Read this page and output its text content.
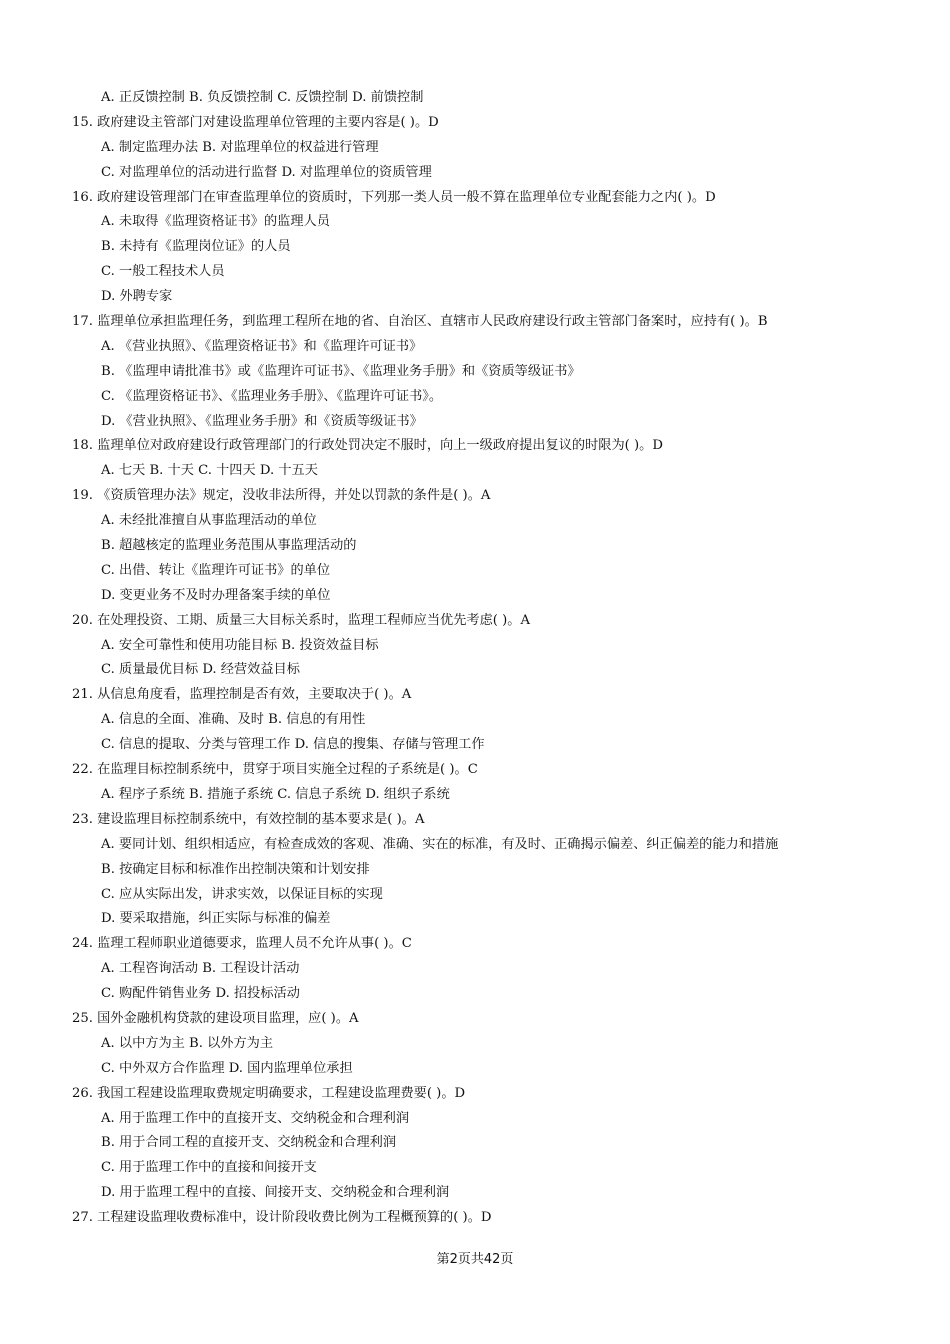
A. 正反馈控制 B. 负反馈控制 C. 反馈控制 D. 前馈控制
15. 政府建设主管部门对建设监理单位管理的主要内容是( )。D
A. 制定监理办法 B. 对监理单位的权益进行管理
C. 对监理单位的活动进行监督 D. 对监理单位的资质管理
16. 政府建设管理部门在审查监理单位的资质时，下列那一类人员一般不算在监理单位专业配套能力之内( )。D
A. 未取得《监理资格证书》的监理人员
B. 未持有《监理岗位证》的人员
C. 一般工程技术人员
D. 外聘专家
17. 监理单位承担监理任务，到监理工程所在地的省、自治区、直辖市人民政府建设行政主管部门备案时，应持有( )。B
A. 《营业执照》、《监理资格证书》和《监理许可证书》
B. 《监理申请批准书》或《监理许可证书》、《监理业务手册》和《资质等级证书》
C. 《监理资格证书》、《监理业务手册》、《监理许可证书》。
D. 《营业执照》、《监理业务手册》和《资质等级证书》
18. 监理单位对政府建设行政管理部门的行政处罚决定不服时，向上一级政府提出复议的时限为( )。D
A. 七天 B. 十天 C. 十四天 D. 十五天
19. 《资质管理办法》规定，没收非法所得，并处以罚款的条件是( )。A
A. 未经批准擅自从事监理活动的单位
B. 超越核定的监理业务范围从事监理活动的
C. 出借、转让《监理许可证书》的单位
D. 变更业务不及时办理备案手续的单位
20. 在处理投资、工期、质量三大目标关系时，监理工程师应当优先考虑( )。A
A. 安全可靠性和使用功能目标 B. 投资效益目标
C. 质量最优目标 D. 经营效益目标
21. 从信息角度看，监理控制是否有效，主要取决于( )。A
A. 信息的全面、准确、及时 B. 信息的有用性
C. 信息的提取、分类与管理工作 D. 信息的搜集、存储与管理工作
22. 在监理目标控制系统中，贯穿于项目实施全过程的子系统是( )。C
A. 程序子系统 B. 措施子系统 C. 信息子系统 D. 组织子系统
23. 建设监理目标控制系统中，有效控制的基本要求是( )。A
A. 要同计划、组织相适应，有检查成效的客观、准确、实在的标准，有及时、正确揭示偏差、纠正偏差的能力和措施
B. 按确定目标和标准作出控制决策和计划安排
C. 应从实际出发，讲求实效，以保证目标的实现
D. 要采取措施，纠正实际与标准的偏差
24. 监理工程师职业道德要求，监理人员不允许从事( )。C
A. 工程咨询活动 B. 工程设计活动
C. 购配件销售业务 D. 招投标活动
25. 国外金融机构贷款的建设项目监理，应( )。A
A. 以中方为主 B. 以外方为主
C. 中外双方合作监理 D. 国内监理单位承担
26. 我国工程建设监理取费规定明确要求，工程建设监理费要( )。D
A. 用于监理工作中的直接开支、交纳税金和合理利润
B. 用于合同工程的直接开支、交纳税金和合理利润
C. 用于监理工作中的直接和间接开支
D. 用于监理工程中的直接、间接开支、交纳税金和合理利润
27. 工程建设监理收费标准中，设计阶段收费比例为工程概预算的( )。D
第2页共42页
